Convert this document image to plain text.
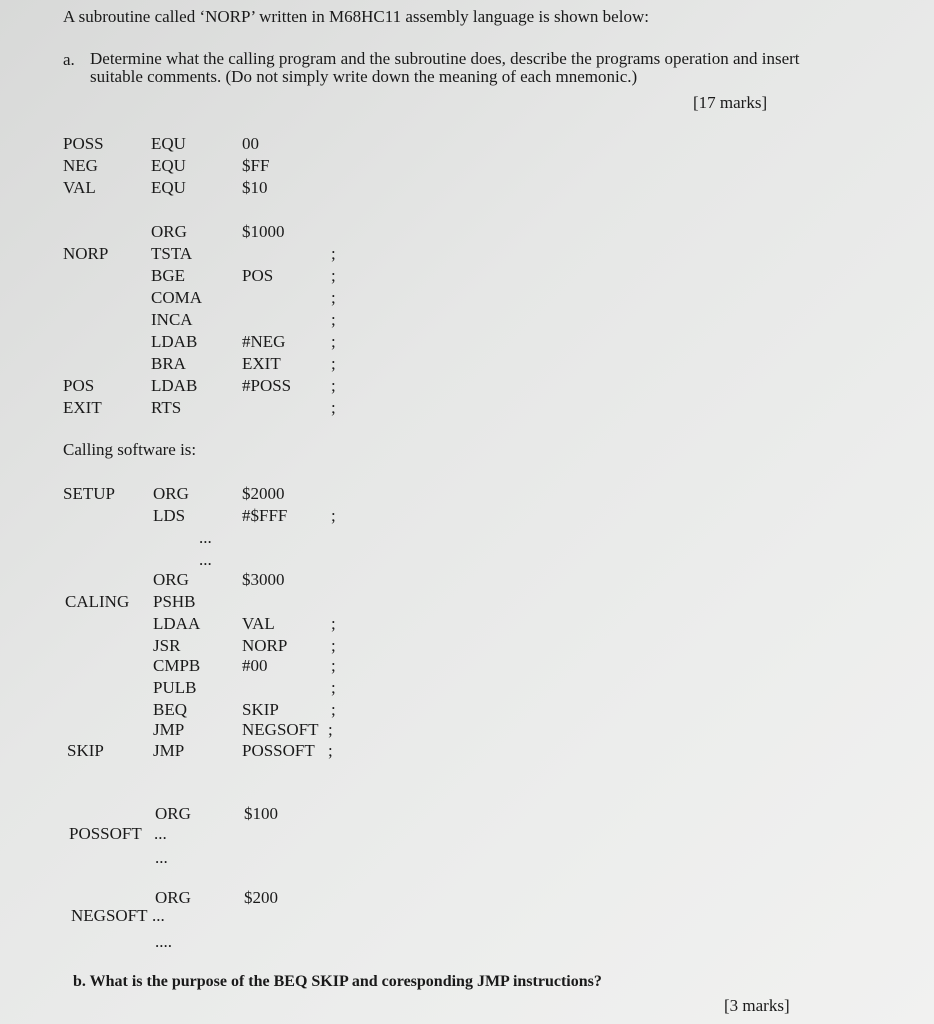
A subroutine called ‘NORP’ written in M68HC11 assembly language is shown below:
a. Determine what the calling program and the subroutine does, describe the programs operation and insert suitable comments. (Do not simply write down the meaning of each mnemonic.)
[17 marks]
POSS	EQU	00
NEG	EQU	$FF
VAL	EQU	$10
ORG	$1000
NORP	TSTA	;
BGE	POS	;
COMA	;
INCA	;
LDAB	#NEG	;
BRA	EXIT	;
POS	LDAB	#POSS ;
EXIT	RTS	;
Calling software is:
SETUP ORG	$2000
LDS	#$FFF	;
...
...
ORG	$3000
CALING PSHB
LDAA VAL	;
JSR	NORP	;
CMPB #00	;
PULB	;
BEQ	SKIP	;
JMP	NEGSOFT ;
SKIP	JMP	POSSOFT ;
ORG	$100
POSSOFT ...
...
ORG	$200
NEGSOFT ...
....
b. What is the purpose of the BEQ SKIP and coresponding JMP instructions?
[3 marks]
